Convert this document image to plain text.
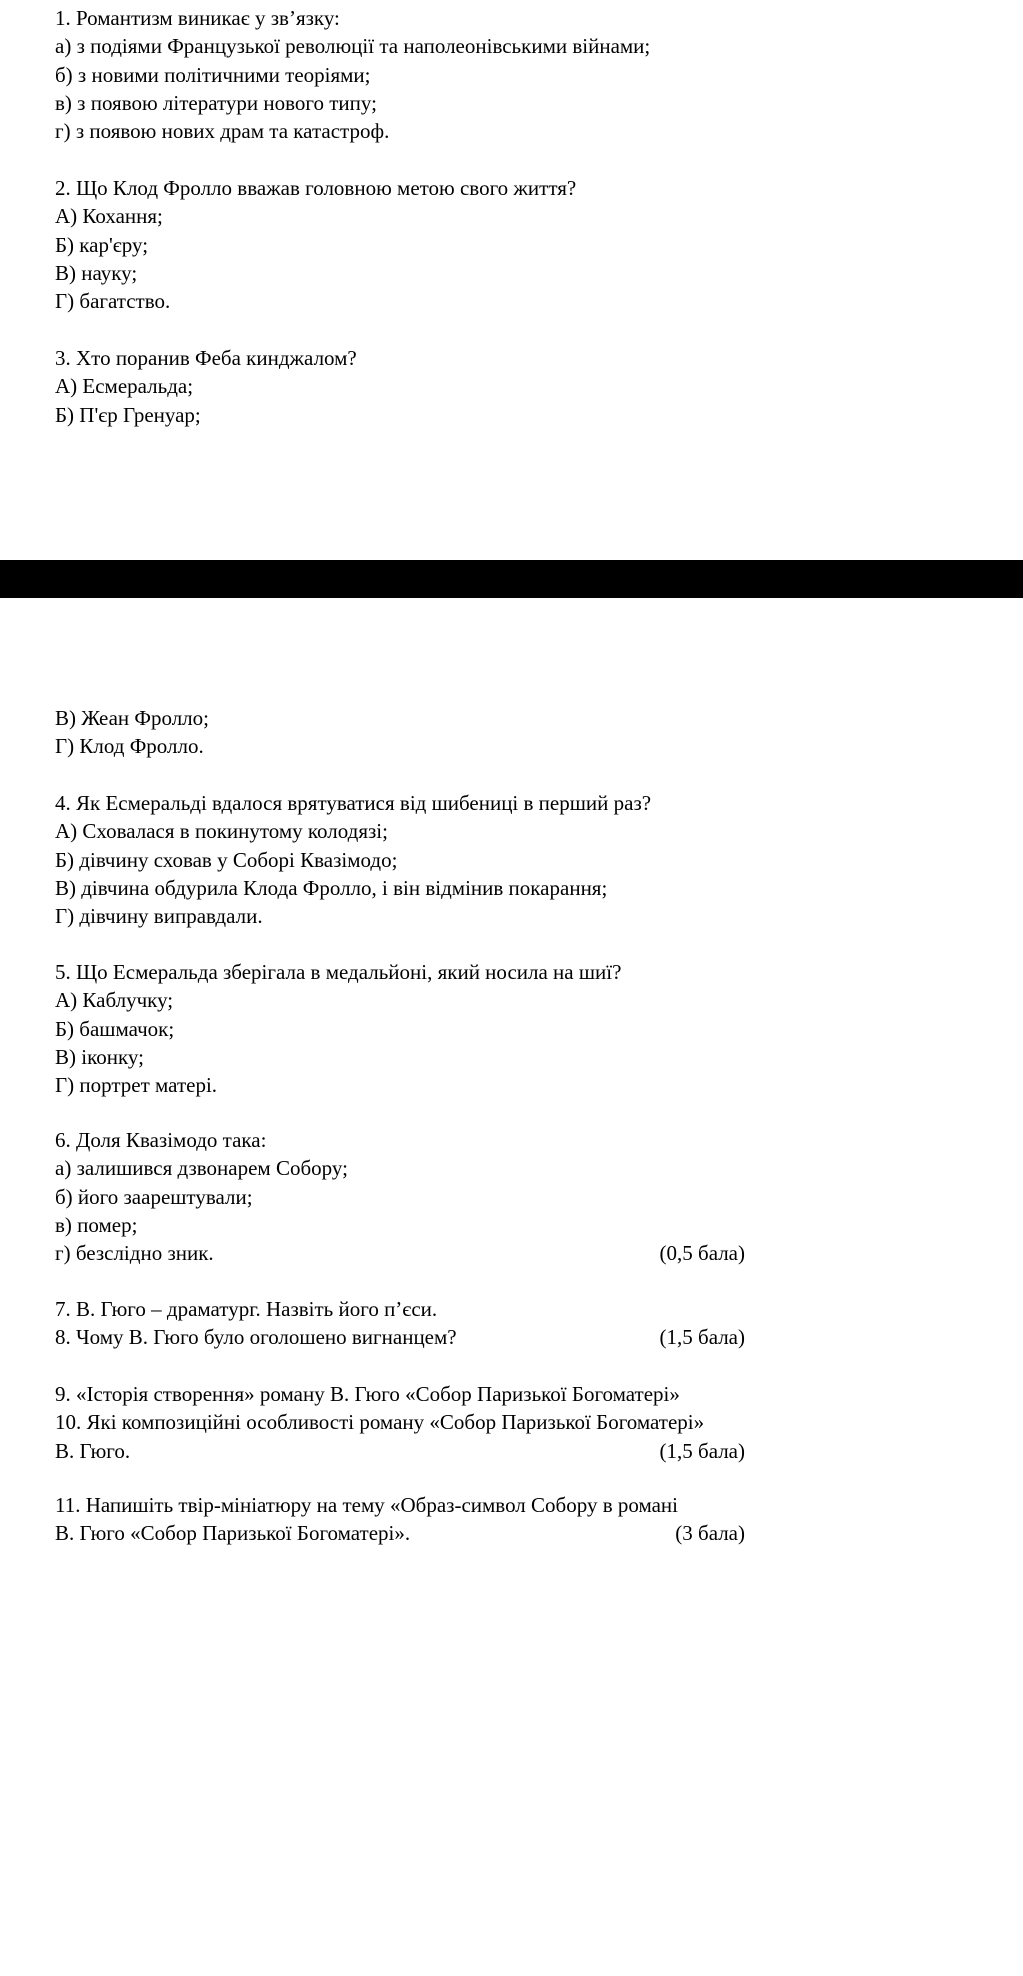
1. Романтизм виникає у зв’язку:
а) з подіями Французької революції та наполеонівськими війнами;
б) з новими політичними теоріями;
в) з появою літератури нового типу;
г) з появою нових драм та катастроф.
2. Що Клод Фролло вважав головною метою свого життя?
А) Кохання;
Б) кар'єру;
В) науку;
Г) багатство.
3. Хто поранив Феба кинджалом?
А) Есмеральда;
Б) П'єр Гренуар;
В) Жеан Фролло;
Г) Клод Фролло.
4. Як Есмеральді вдалося врятуватися від шибениці в перший раз?
А) Сховалася в покинутому колодязі;
Б) дівчину сховав у Соборі Квазімодо;
В) дівчина обдурила Клода Фролло, і він відмінив покарання;
Г) дівчину виправдали.
5. Що Есмеральда зберігала в медальйоні, який носила на шиї?
А) Каблучку;
Б) башмачок;
В) іконку;
Г) портрет матері.
6. Доля Квазімодо така:
а) залишився дзвонарем Собору;
б) його заарештували;
в) помер;
г) безслідно зник.	(0,5 бала)
7. В. Гюго – драматург. Назвіть його п’єси.
8. Чому В. Гюго було оголошено вигнанцем?	(1,5 бала)
9. «Історія створення» роману В. Гюго «Собор Паризької Богоматері»
10. Які композиційні особливості роману «Собор Паризької Богоматері»
В. Гюго.	(1,5 бала)
11. Напишіть твір-мініатюру на тему «Образ-символ Собору в романі
В. Гюго «Собор Паризької Богоматері».	(3 бала)
